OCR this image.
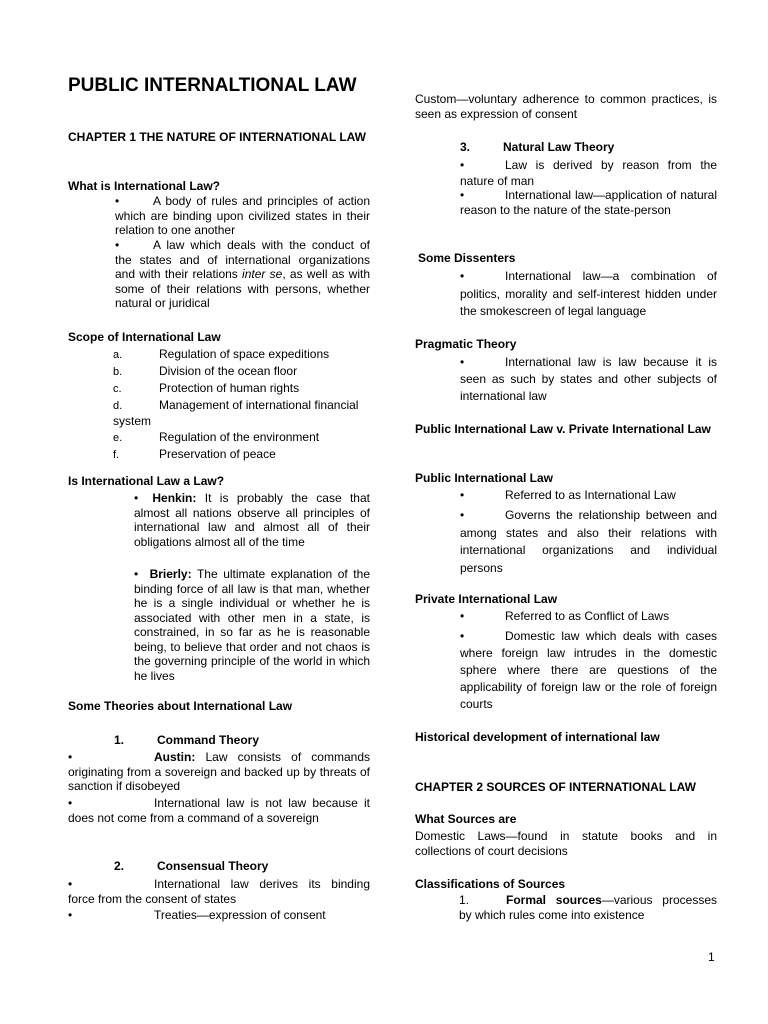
PUBLIC INTERNALTIONAL LAW
CHAPTER 1 THE NATURE OF INTERNATIONAL LAW
What is International Law?
•	A body of rules and principles of action which are binding upon civilized states in their relation to one another
•	A law which deals with the conduct of the states and of international organizations and with their relations inter se, as well as with some of their relations with persons, whether natural or juridical
Scope of International Law
a.	Regulation of space expeditions
b.	Division of the ocean floor
c.	Protection of human rights
d.	Management of international financial system
e.	Regulation of the environment
f.	Preservation of peace
Is International Law a Law?
• Henkin: It is probably the case that almost all nations observe all principles of international law and almost all of their obligations almost all of the time
• Brierly: The ultimate explanation of the binding force of all law is that man, whether he is a single individual or whether he is associated with other men in a state, is constrained, in so far as he is reasonable being, to believe that order and not chaos is the governing principle of the world in which he lives
Some Theories about International Law
1.	Command Theory
•	Austin: Law consists of commands originating from a sovereign and backed up by threats of sanction if disobeyed
•	International law is not law because it does not come from a command of a sovereign
2.	Consensual Theory
•	International law derives its binding force from the consent of states
•	Treaties—expression of consent
Custom—voluntary adherence to common practices, is seen as expression of consent
3.	Natural Law Theory
•	Law is derived by reason from the nature of man
•	International law—application of natural reason to the nature of the state-person
Some Dissenters
•	International law—a combination of politics, morality and self-interest hidden under the smokescreen of legal language
Pragmatic Theory
•	International law is law because it is seen as such by states and other subjects of international law
Public International Law v. Private International Law
Public International Law
•	Referred to as International Law
•	Governs the relationship between and among states and also their relations with international organizations and individual persons
Private International Law
•	Referred to as Conflict of Laws
•	Domestic law which deals with cases where foreign law intrudes in the domestic sphere where there are questions of the applicability of foreign law or the role of foreign courts
Historical development of international law
CHAPTER 2 SOURCES OF INTERNATIONAL LAW
What Sources are
Domestic Laws—found in statute books and in collections of court decisions
Classifications of Sources
1.	Formal sources—various processes by which rules come into existence
1
